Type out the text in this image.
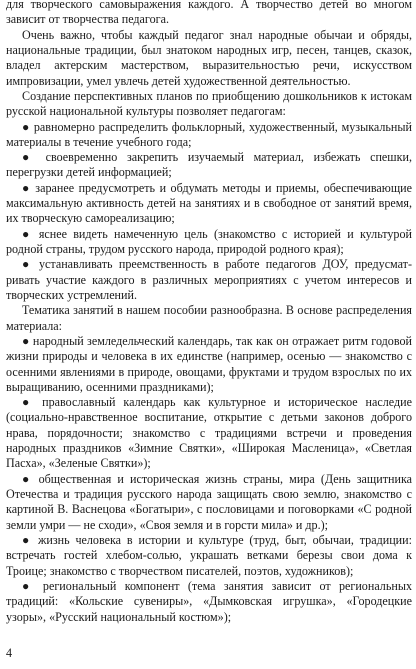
для творческого самовыражения каждого. А творчество детей во многом зависит от творчества педагога.

Очень важно, чтобы каждый педагог знал народные обычаи и обряды, национальные традиции, был знатоком народных игр, песен, танцев, сказок, владел актерским мастерством, выразительностью речи, искусством импровизации, умел увлечь детей художественной деятельностью.

Создание перспективных планов по приобщению дошкольников к истокам русской национальной культуры позволяет педагогам:

● равномерно распределить фольклорный, художественный, музыкальный материалы в течение учебного года;

● своевременно закрепить изучаемый материал, избежать спешки, перегрузки детей информацией;

● заранее предусмотреть и обдумать методы и приемы, обеспечивающие максимальную активность детей на занятиях и в свободное от занятий время, их творческую самореализацию;

● яснее видеть намеченную цель (знакомство с историей и культурой родной страны, трудом русского народа, природой родного края);

● устанавливать преемственность в работе педагогов ДОУ, предусматривать участие каждого в различных мероприятиях с учетом интересов и творческих устремлений.

Тематика занятий в нашем пособии разнообразна. В основе распределения материала:

● народный земледельческий календарь, так как он отражает ритм годовой жизни природы и человека в их единстве (например, осенью — знакомство с осенними явлениями в природе, овощами, фруктами и трудом взрослых по их выращиванию, осенними праздниками);

● православный календарь как культурное и историческое наследие (социально-нравственное воспитание, открытие с детьми законов доброго нрава, порядочности; знакомство с традициями встречи и проведения народных праздников «Зимние Святки», «Широкая Масленица», «Светлая Пасха», «Зеленые Святки»);

● общественная и историческая жизнь страны, мира (День защитника Отечества и традиция русского народа защищать свою землю, знакомство с картиной В. Васнецова «Богатыри», с пословицами и поговорками «С родной земли умри — не сходи», «Своя земля и в горсти мила» и др.);

● жизнь человека в истории и культуре (труд, быт, обычаи, традиции: встречать гостей хлебом-солью, украшать ветками березы свои дома к Троице; знакомство с творчеством писателей, поэтов, художников);

● региональный компонент (тема занятия зависит от региональных традиций: «Кольские сувениры», «Дымковская игрушка», «Городецкие узоры», «Русский национальный костюм»);

4
